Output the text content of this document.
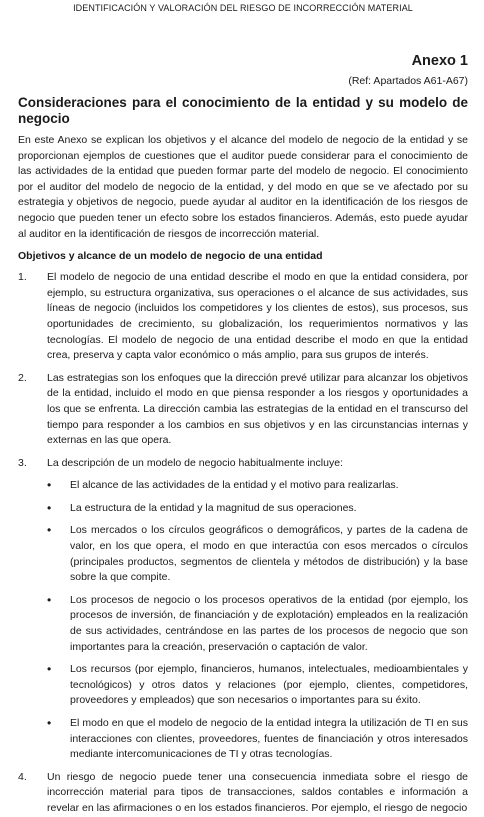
IDENTIFICACIÓN Y VALORACIÓN DEL RIESGO DE INCORRECCIÓN MATERIAL
Anexo 1
(Ref: Apartados A61-A67)
Consideraciones para el conocimiento de la entidad y su modelo de negocio
En este Anexo se explican los objetivos y el alcance del modelo de negocio de la entidad y se proporcionan ejemplos de cuestiones que el auditor puede considerar para el conocimiento de las actividades de la entidad que pueden formar parte del modelo de negocio. El conocimiento por el auditor del modelo de negocio de la entidad, y del modo en que se ve afectado por su estrategia y objetivos de negocio, puede ayudar al auditor en la identificación de los riesgos de negocio que pueden tener un efecto sobre los estados financieros. Además, esto puede ayudar al auditor en la identificación de riesgos de incorrección material.
Objetivos y alcance de un modelo de negocio de una entidad
1.	El modelo de negocio de una entidad describe el modo en que la entidad considera, por ejemplo, su estructura organizativa, sus operaciones o el alcance de sus actividades, sus líneas de negocio (incluidos los competidores y los clientes de estos), sus procesos, sus oportunidades de crecimiento, su globalización, los requerimientos normativos y las tecnologías. El modelo de negocio de una entidad describe el modo en que la entidad crea, preserva y capta valor económico o más amplio, para sus grupos de interés.
2.	Las estrategias son los enfoques que la dirección prevé utilizar para alcanzar los objetivos de la entidad, incluido el modo en que piensa responder a los riesgos y oportunidades a los que se enfrenta. La dirección cambia las estrategias de la entidad en el transcurso del tiempo para responder a los cambios en sus objetivos y en las circunstancias internas y externas en las que opera.
3.	La descripción de un modelo de negocio habitualmente incluye:
•	El alcance de las actividades de la entidad y el motivo para realizarlas.
•	La estructura de la entidad y la magnitud de sus operaciones.
•	Los mercados o los círculos geográficos o demográficos, y partes de la cadena de valor, en los que opera, el modo en que interactúa con esos mercados o círculos (principales productos, segmentos de clientela y métodos de distribución) y la base sobre la que compite.
•	Los procesos de negocio o los procesos operativos de la entidad (por ejemplo, los procesos de inversión, de financiación y de explotación) empleados en la realización de sus actividades, centrándose en las partes de los procesos de negocio que son importantes para la creación, preservación o captación de valor.
•	Los recursos (por ejemplo, financieros, humanos, intelectuales, medioambientales y tecnológicos) y otros datos y relaciones (por ejemplo, clientes, competidores, proveedores y empleados) que son necesarios o importantes para su éxito.
•	El modo en que el modelo de negocio de la entidad integra la utilización de TI en sus interacciones con clientes, proveedores, fuentes de financiación y otros interesados mediante intercomunicaciones de TI y otras tecnologías.
4.	Un riesgo de negocio puede tener una consecuencia inmediata sobre el riesgo de incorrección material para tipos de transacciones, saldos contables e información a revelar en las afirmaciones o en los estados financieros. Por ejemplo, el riesgo de negocio
